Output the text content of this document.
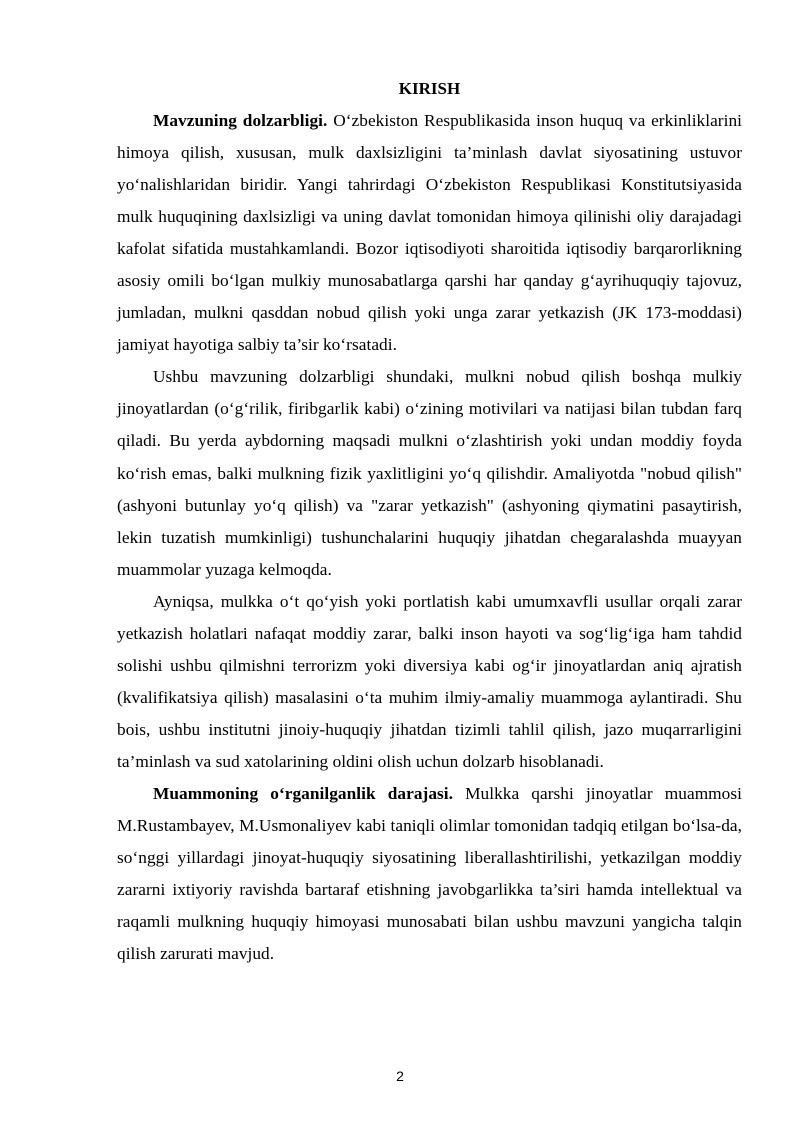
KIRISH

Mavzuning dolzarbligi. O‘zbekiston Respublikasida inson huquq va erkinliklarini himoya qilish, xususan, mulk daxlsizligini ta’minlash davlat siyosatining ustuvor yo‘nalishlaridan biridir. Yangi tahrirdagi O‘zbekiston Respublikasi Konstitutsiyasida mulk huquqining daxlsizligi va uning davlat tomonidan himoya qilinishi oliy darajadagi kafolat sifatida mustahkamlandi. Bozor iqtisodiyoti sharoitida iqtisodiy barqarorlikning asosiy omili bo‘lgan mulkiy munosabatlarga qarshi har qanday g‘ayrihuquqiy tajovuz, jumladan, mulkni qasddan nobud qilish yoki unga zarar yetkazish (JK 173-moddasi) jamiyat hayotiga salbiy ta’sir ko‘rsatadi.

Ushbu mavzuning dolzarbligi shundaki, mulkni nobud qilish boshqa mulkiy jinoyatlardan (o‘g‘rilik, firibgarlik kabi) o‘zining motivilari va natijasi bilan tubdan farq qiladi. Bu yerda aybdorning maqsadi mulkni o‘zlashtirish yoki undan moddiy foyda ko‘rish emas, balki mulkning fizik yaxlitligini yo‘q qilishdir. Amaliyotda "nobud qilish" (ashyoni butunlay yo‘q qilish) va "zarar yetkazish" (ashyoning qiymatini pasaytirish, lekin tuzatish mumkinligi) tushunchalarini huquqiy jihatdan chegaralashda muayyan muammolar yuzaga kelmoqda.

Ayniqsa, mulkka o‘t qo‘yish yoki portlatish kabi umumxavfli usullar orqali zarar yetkazish holatlari nafaqat moddiy zarar, balki inson hayoti va sog‘lig‘iga ham tahdid solishi ushbu qilmishni terrorizm yoki diversiya kabi og‘ir jinoyatlardan aniq ajratish (kvalifikatsiya qilish) masalasini o‘ta muhim ilmiy-amaliy muammoga aylantiradi. Shu bois, ushbu institutni jinoiy-huquqiy jihatdan tizimli tahlil qilish, jazo muqarrarligini ta’minlash va sud xatolarining oldini olish uchun dolzarb hisoblanadi.

Muammoning o‘rganilganlik darajasi. Mulkka qarshi jinoyatlar muammosi M.Rustambayev, M.Usmonaliyev kabi taniqli olimlar tomonidan tadqiq etilgan bo‘lsa-da, so‘nggi yillardagi jinoyat-huquqiy siyosatining liberallashtirilishi, yetkazilgan moddiy zararni ixtiyoriy ravishda bartaraf etishning javobgarlikka ta’siri hamda intellektual va raqamli mulkning huquqiy himoyasi munosabati bilan ushbu mavzuni yangicha talqin qilish zarurati mavjud.

2
